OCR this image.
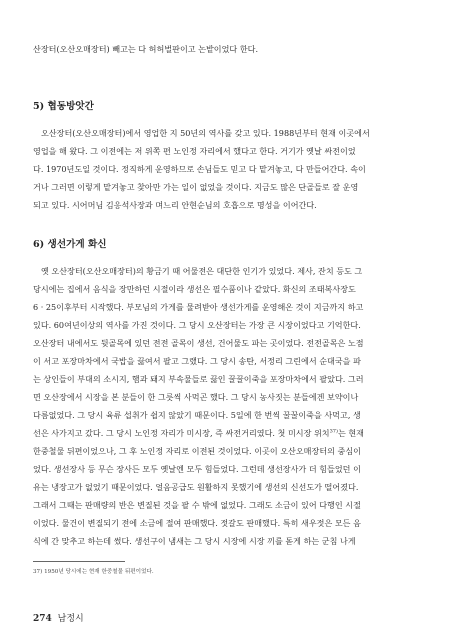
산장터(오산오매장터) 빼고는 다 허허벌판이고 논밭이었다 한다.
5) 협동방앗간
오산장터(오산오매장터)에서 영업한 지 50년의 역사를 갖고 있다. 1988년부터 현재 이곳에서
영업을 해 왔다. 그 이전에는 저 위쪽 편 노인정 자리에서 했다고 한다. 거기가 옛날 싸전이었
다. 1970년도일 것이다. 정직하게 운영하므로 손님들도 믿고 다 맡겨놓고, 다 만들어간다. 속이
거나 그러면 이렇게 맡겨놓고 찾아만 가는 일이 없었을 것이다. 지금도 많은 단골들로 잘 운영
되고 있다. 시어머님 김응석사장과 며느리 안현순님의 호흡으로 명성을 이어간다.
6) 생선가게 화신
옛 오산장터(오산오매장터)의 황금기 때 어물전은 대단한 인기가 있었다. 제사, 잔치 등도 그
당시에는 집에서 음식을 장만하던 시절이라 생선은 필수품이나 같았다. 화신의 조태복사장도
6 · 25이후부터 시작했다. 부모님의 가게를 물려받아 생선가게를 운영해온 것이 지금까지 하고
있다. 60여년이상의 역사를 가진 것이다. 그 당시 오산장터는 가장 큰 시장이었다고 기억한다.
오산장터 내에서도 뒷골목에 있던 전전 골목이 생선, 건어물도 파는 곳이었다. 전전골목은 노점
이 서고 포장마차에서 국밥을 끓여서 팔고 그랬다. 그 당시 송탄, 서정리 그린에서 순대국을 파
는 상인들이 부대의 소시지, 햄과 돼지 부속물들로 끓인 꿀꿀이죽을 포장마차에서 팔았다. 그러
면 오산장에서 시장을 본 분들이 한 그릇씩 사먹곤 했다. 그 당시 농사짓는 분들에겐 보약이나
다름없었다. 그 당시 육류 섭취가 쉽지 않았기 때문이다. 5일에 한 번씩 꿀꿀이죽을 사먹고, 생
선은 사가지고 갔다. 그 당시 노인정 자리가 미시장, 즉 싸전거리였다. 첫 미시장 위치$^{37)}$는 현재
한중철물 뒤편이었으나, 그 후 노인정 자리로 이전된 것이었다. 이곳이 오산오매장터의 중심이
었다. 생선장사 등 무슨 장사든 모두 옛날엔 모두 힘들었다. 그런데 생선장사가 더 힘들었던 이
유는 냉장고가 없었기 때문이었다. 얼음공급도 원활하지 못했기에 생선의 신선도가 떨어졌다.
그래서 그때는 판매량의 반은 변질된 것을 팔 수 밖에 없었다. 그래도 소금이 있어 다행인 시절
이었다. 물건이 변질되기 전에 소금에 절여 판매했다. 젓갈도 판매했다. 특히 새우젓은 모든 음
식에 간 맞추고 하는데 썼다. 생선구이 냄새는 그 당시 시장에 시장 끼를 돋게 하는 군침 나게
37) 1950년 당시에는 현재 한중철물 뒤편이었다.
274 남정시
